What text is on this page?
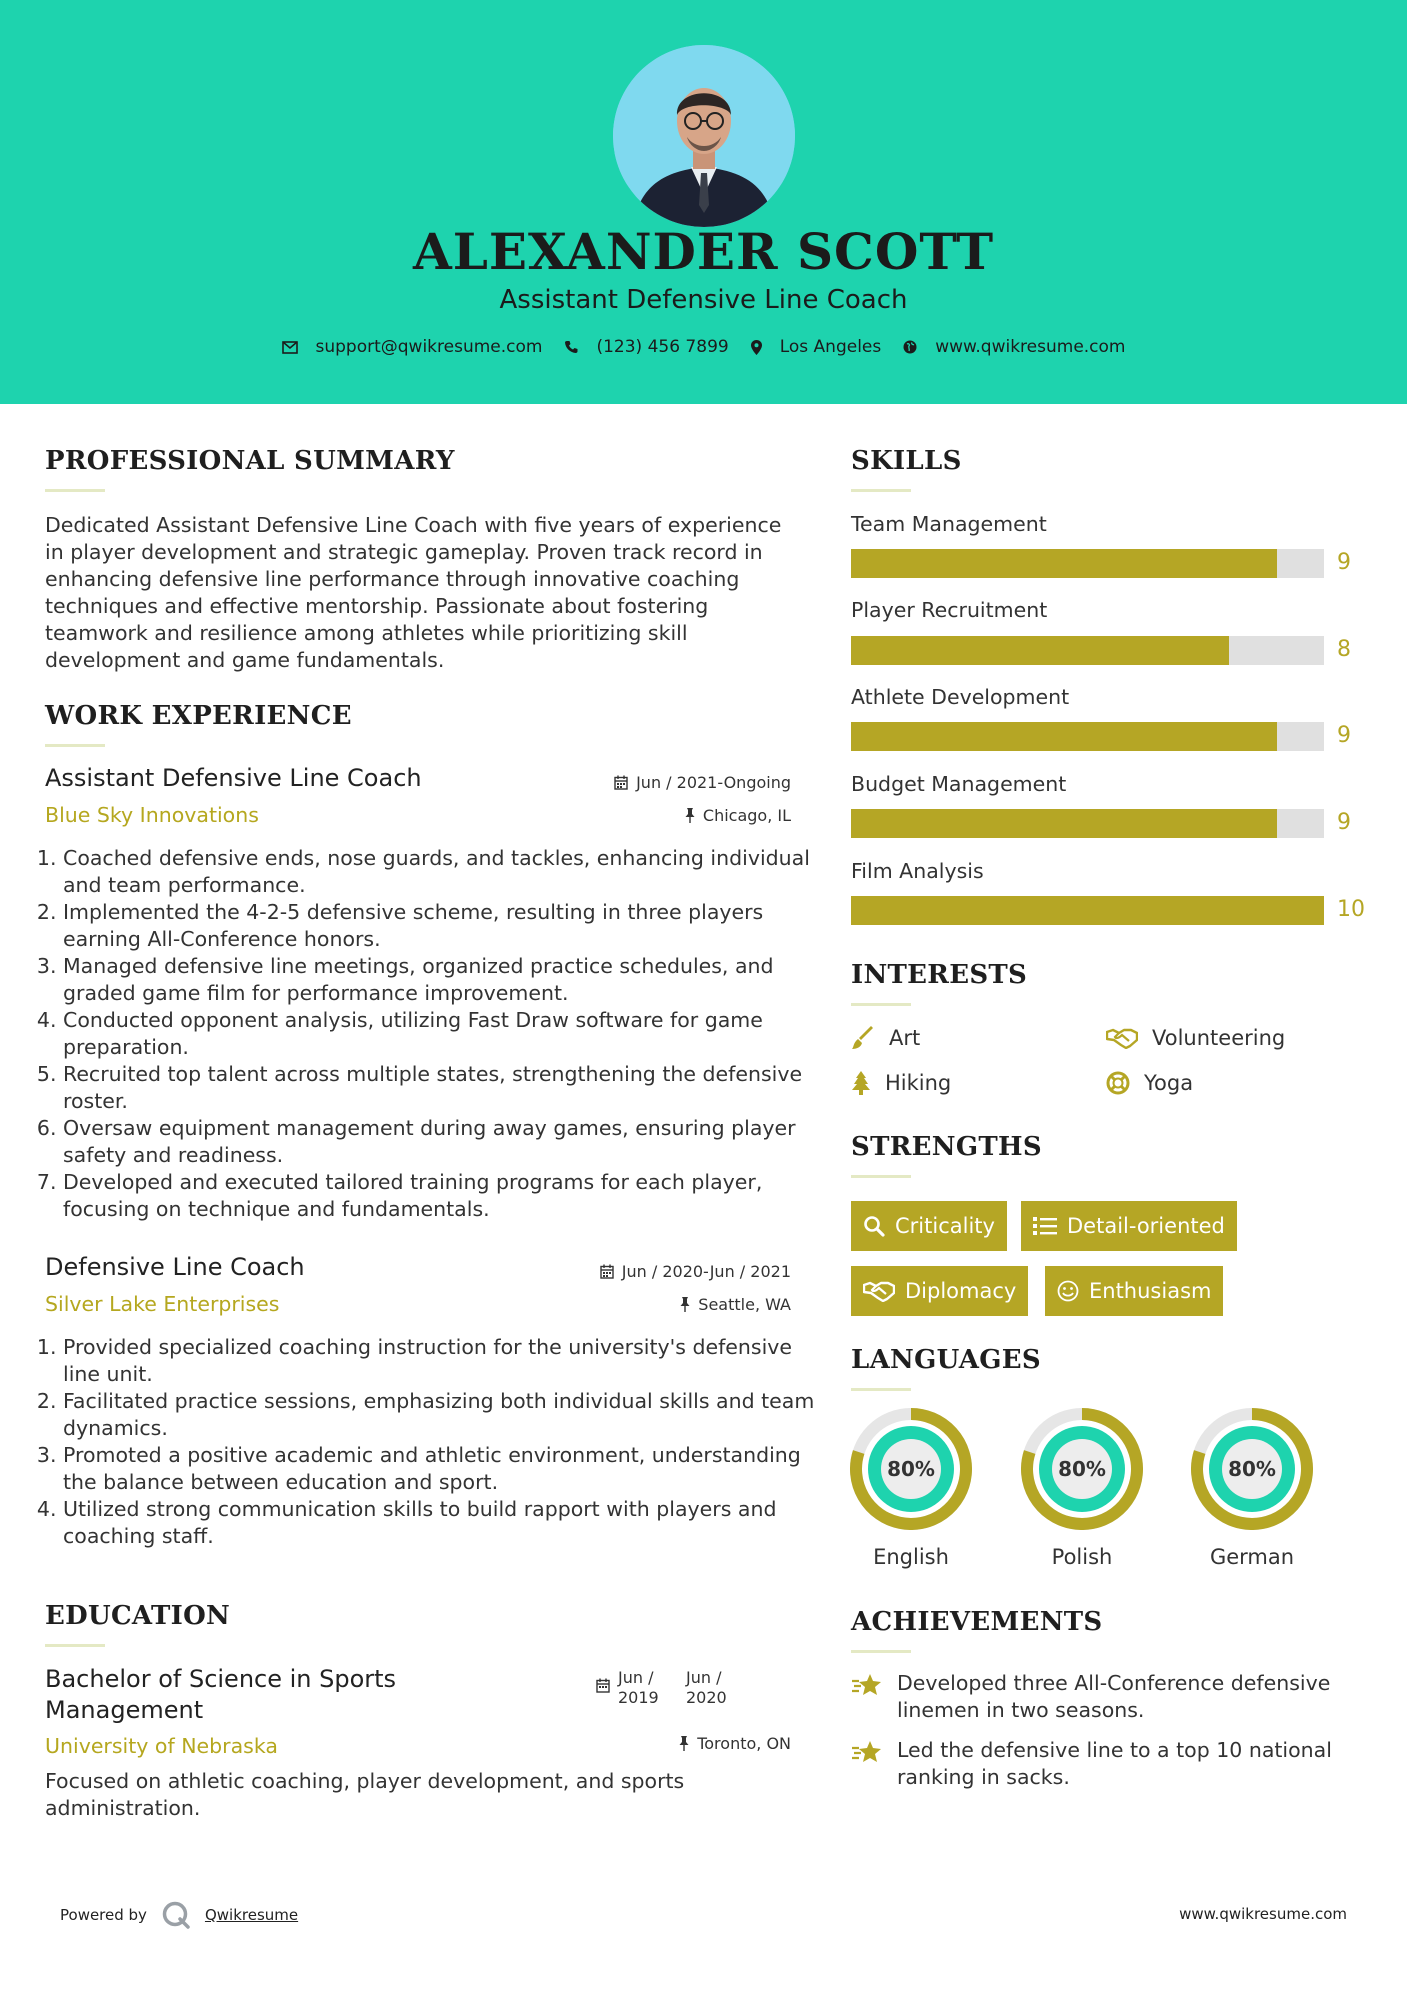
ALEXANDER SCOTT
Assistant Defensive Line Coach
support@qwikresume.com	(123) 456 7899	Los Angeles	www.qwikresume.com
PROFESSIONAL SUMMARY
Dedicated Assistant Defensive Line Coach with five years of experience in player development and strategic gameplay. Proven track record in enhancing defensive line performance through innovative coaching techniques and effective mentorship. Passionate about fostering teamwork and resilience among athletes while prioritizing skill development and game fundamentals.
WORK EXPERIENCE
Assistant Defensive Line Coach
Blue Sky Innovations
Jun / 2021-Ongoing
Chicago, IL
1. Coached defensive ends, nose guards, and tackles, enhancing individual and team performance.
2. Implemented the 4-2-5 defensive scheme, resulting in three players earning All-Conference honors.
3. Managed defensive line meetings, organized practice schedules, and graded game film for performance improvement.
4. Conducted opponent analysis, utilizing Fast Draw software for game preparation.
5. Recruited top talent across multiple states, strengthening the defensive roster.
6. Oversaw equipment management during away games, ensuring player safety and readiness.
7. Developed and executed tailored training programs for each player, focusing on technique and fundamentals.
Defensive Line Coach
Silver Lake Enterprises
Jun / 2020-Jun / 2021
Seattle, WA
1. Provided specialized coaching instruction for the university's defensive line unit.
2. Facilitated practice sessions, emphasizing both individual skills and team dynamics.
3. Promoted a positive academic and athletic environment, understanding the balance between education and sport.
4. Utilized strong communication skills to build rapport with players and coaching staff.
EDUCATION
Bachelor of Science in Sports
Management
University of Nebraska
Jun /
2019
Jun /
2020
Toronto, ON
Focused on athletic coaching, player development, and sports administration.
SKILLS
Team Management
9
Player Recruitment
8
Athlete Development
9
Budget Management
9
Film Analysis
10
INTERESTS
Art	Volunteering
Hiking	Yoga
STRENGTHS
Criticality	Detail-oriented
Diplomacy	Enthusiasm
LANGUAGES
80%
English
80%
Polish
80%
German
ACHIEVEMENTS
Developed three All-Conference defensive
linemen in two seasons.
Led the defensive line to a top 10 national
ranking in sacks.
Powered by	Qwikresume	www.qwikresume.com
